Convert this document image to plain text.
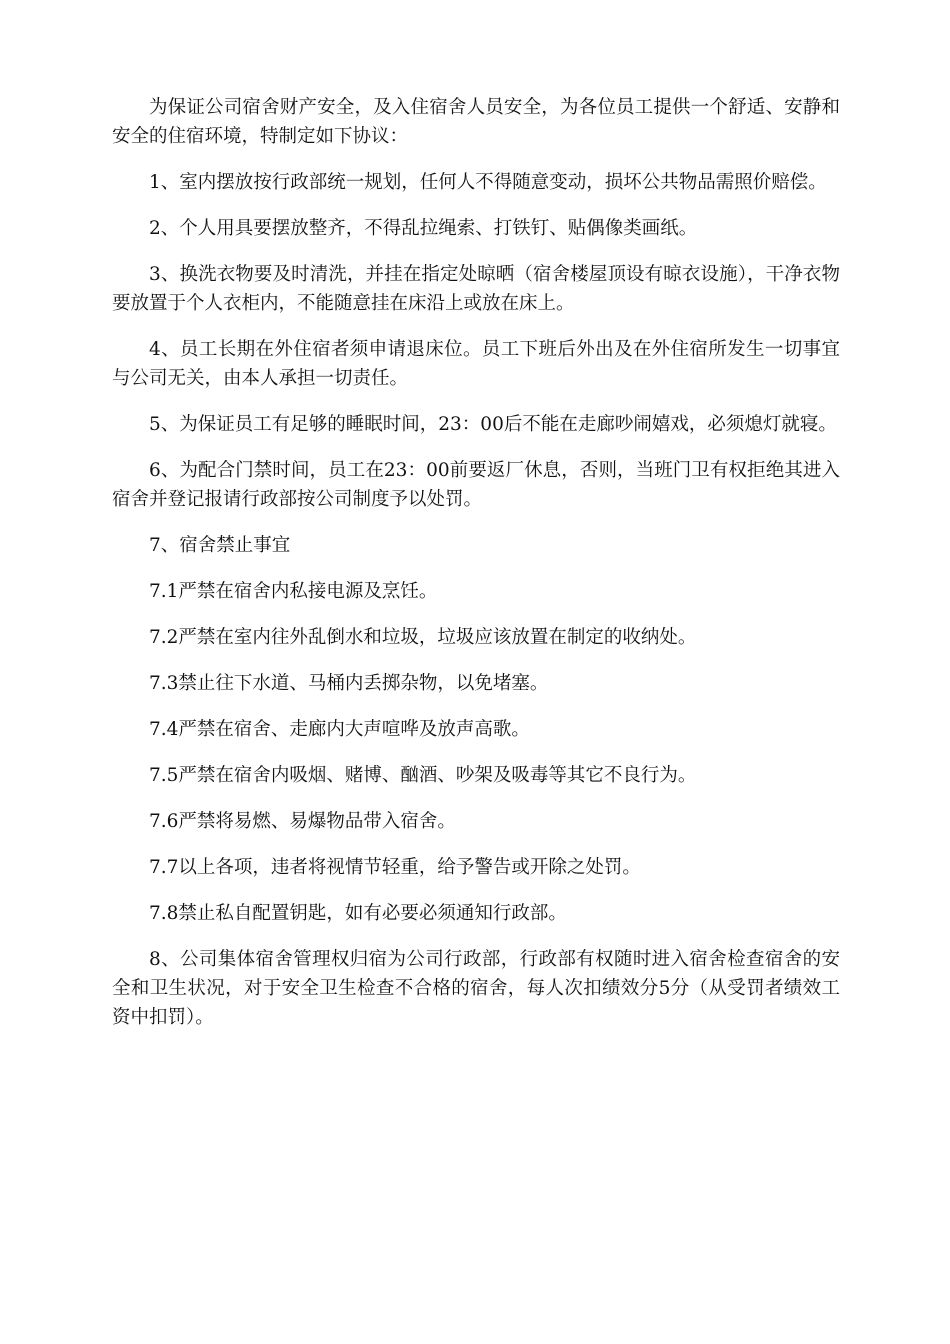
为保证公司宿舍财产安全，及入住宿舍人员安全，为各位员工提供一个舒适、安静和安全的住宿环境，特制定如下协议：

1、室内摆放按行政部统一规划，任何人不得随意变动，损坏公共物品需照价赔偿。

2、个人用具要摆放整齐，不得乱拉绳索、打铁钉、贴偶像类画纸。

3、换洗衣物要及时清洗，并挂在指定处晾晒（宿舍楼屋顶设有晾衣设施），干净衣物要放置于个人衣柜内，不能随意挂在床沿上或放在床上。

4、员工长期在外住宿者须申请退床位。员工下班后外出及在外住宿所发生一切事宜与公司无关，由本人承担一切责任。

5、为保证员工有足够的睡眠时间，23：00后不能在走廊吵闹嬉戏，必须熄灯就寝。

6、为配合门禁时间，员工在23：00前要返厂休息，否则，当班门卫有权拒绝其进入宿舍并登记报请行政部按公司制度予以处罚。

7、宿舍禁止事宜

7.1严禁在宿舍内私接电源及烹饪。

7.2严禁在室内往外乱倒水和垃圾，垃圾应该放置在制定的收纳处。

7.3禁止往下水道、马桶内丢掷杂物，以免堵塞。

7.4严禁在宿舍、走廊内大声喧哗及放声高歌。

7.5严禁在宿舍内吸烟、赌博、酗酒、吵架及吸毒等其它不良行为。

7.6严禁将易燃、易爆物品带入宿舍。

7.7以上各项，违者将视情节轻重，给予警告或开除之处罚。

7.8禁止私自配置钥匙，如有必要必须通知行政部。

8、公司集体宿舍管理权归宿为公司行政部，行政部有权随时进入宿舍检查宿舍的安全和卫生状况，对于安全卫生检查不合格的宿舍，每人次扣绩效分5分（从受罚者绩效工资中扣罚）。
